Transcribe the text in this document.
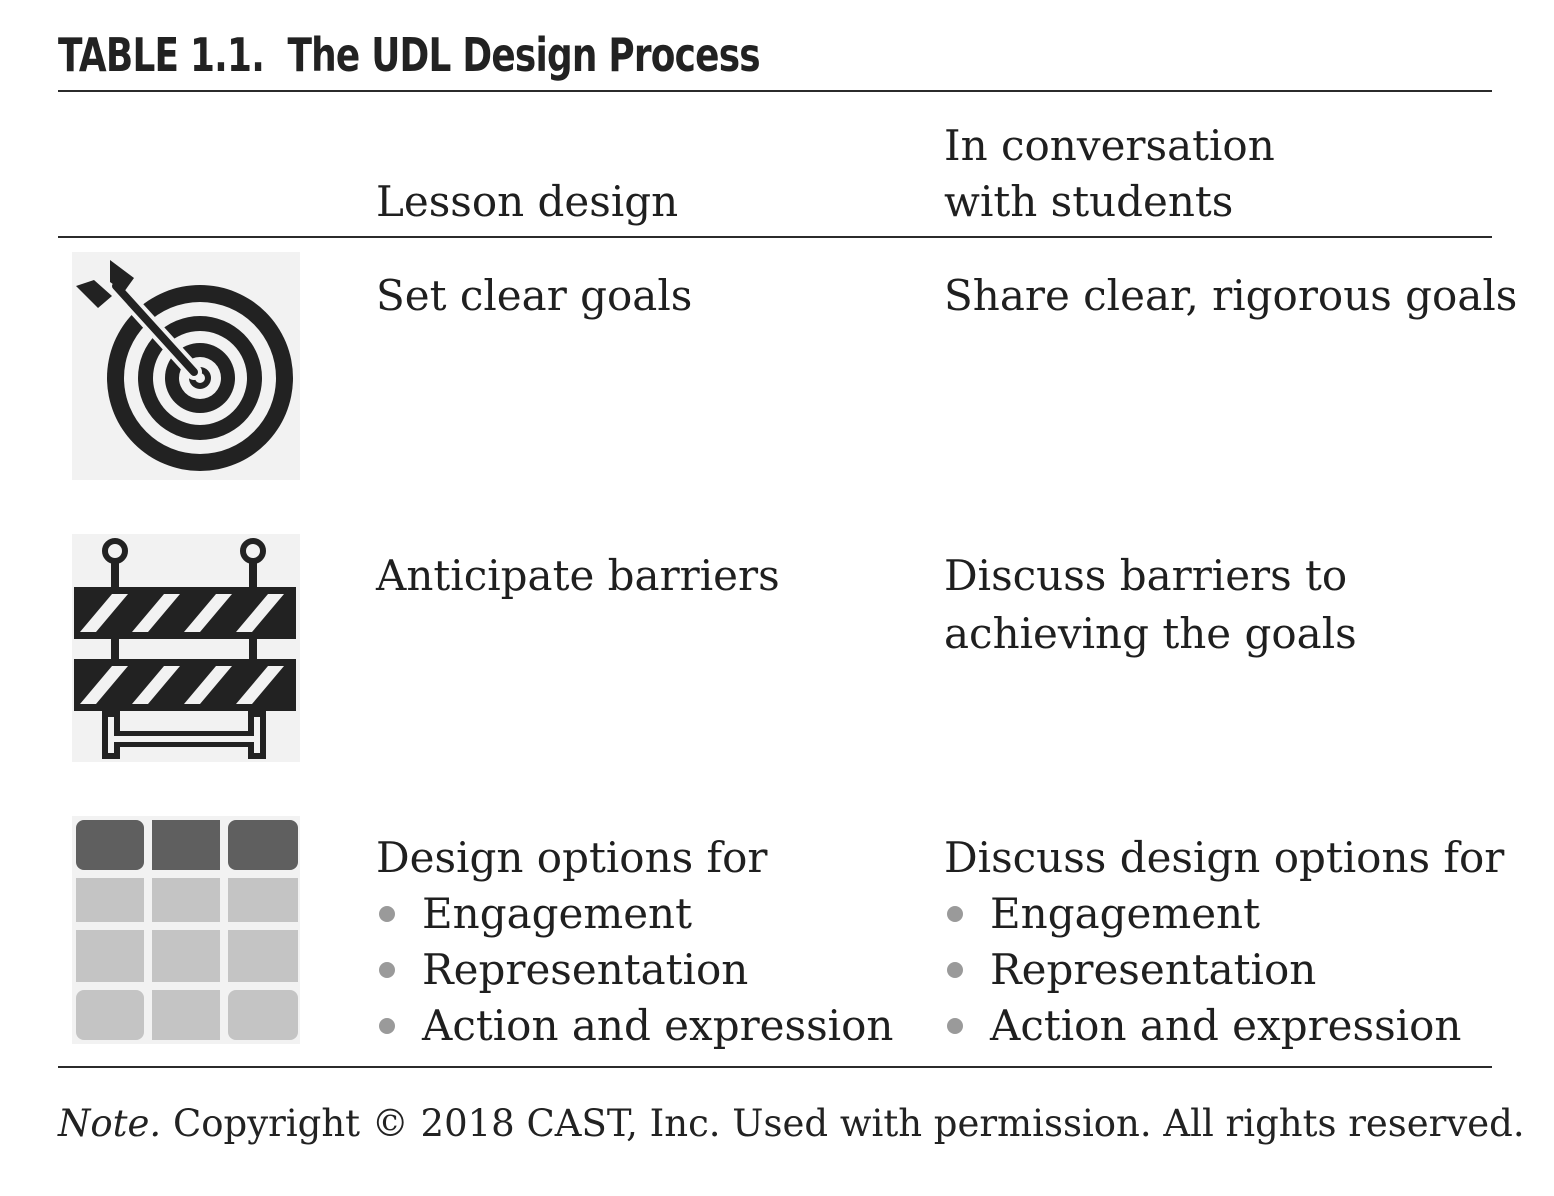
TABLE 1.1. The UDL Design Process
Lesson design
In conversation
with students
Set clear goals	Share clear, rigorous goals
Anticipate barriers	Discuss barriers to
achieving the goals
Design options for
Engagement
Representation
Action and expression
Discuss design options for
Engagement
Representation
Action and expression
Note. Copyright © 2018 CAST, Inc. Used with permission. All rights reserved.
